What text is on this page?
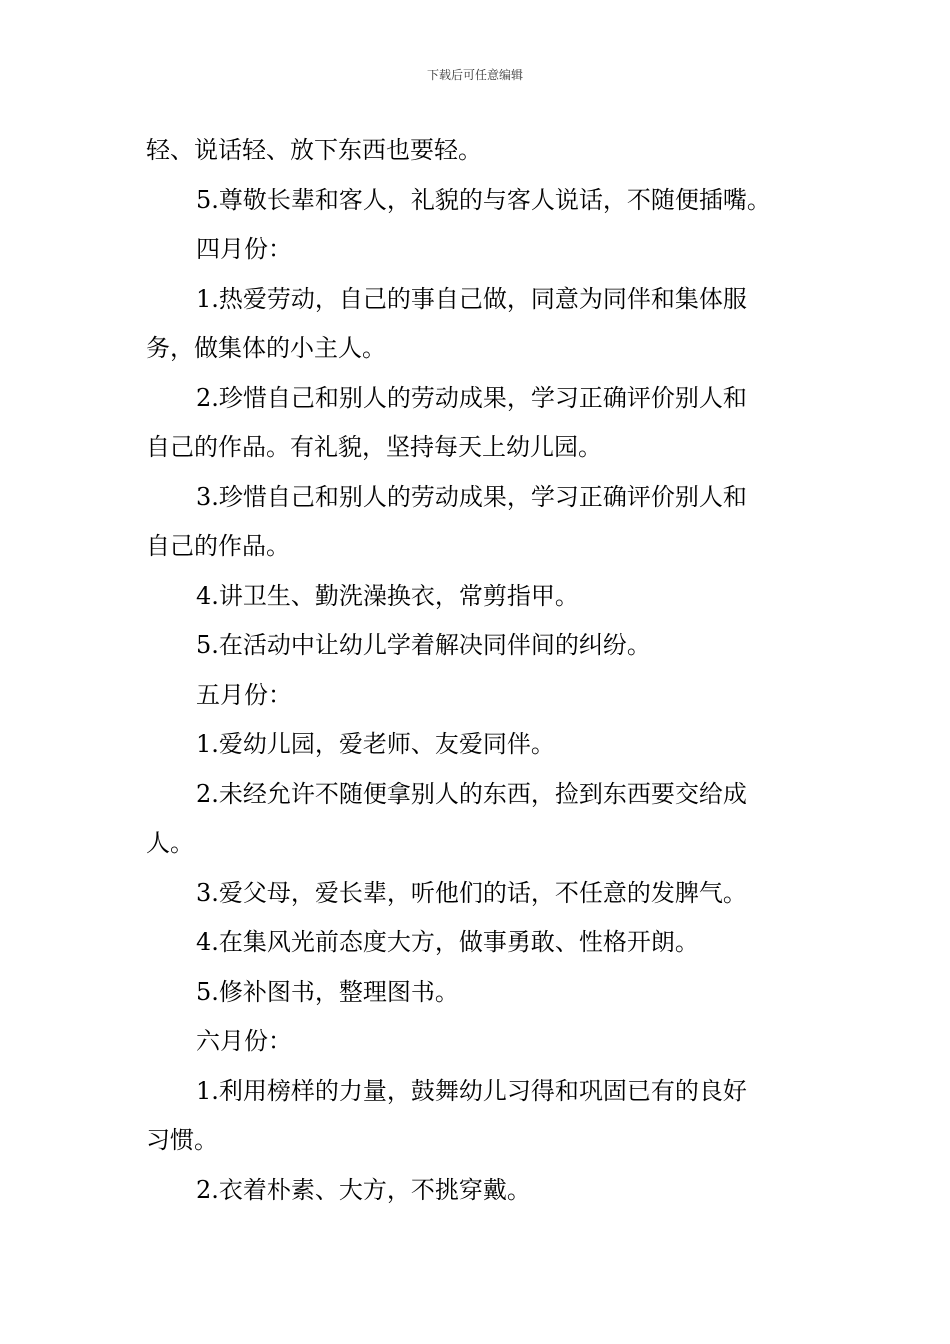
下载后可任意编辑
轻、说话轻、放下东西也要轻。
5.尊敬长辈和客人，礼貌的与客人说话，不随便插嘴。
四月份：
1.热爱劳动，自己的事自己做，同意为同伴和集体服
务，做集体的小主人。
2.珍惜自己和别人的劳动成果，学习正确评价别人和
自己的作品。有礼貌，坚持每天上幼儿园。
3.珍惜自己和别人的劳动成果，学习正确评价别人和
自己的作品。
4.讲卫生、勤洗澡换衣，常剪指甲。
5.在活动中让幼儿学着解决同伴间的纠纷。
五月份：
1.爱幼儿园，爱老师、友爱同伴。
2.未经允许不随便拿别人的东西，捡到东西要交给成
人。
3.爱父母，爱长辈，听他们的话，不任意的发脾气。
4.在集风光前态度大方，做事勇敢、性格开朗。
5.修补图书，整理图书。
六月份：
1.利用榜样的力量，鼓舞幼儿习得和巩固已有的良好
习惯。
2.衣着朴素、大方，不挑穿戴。
